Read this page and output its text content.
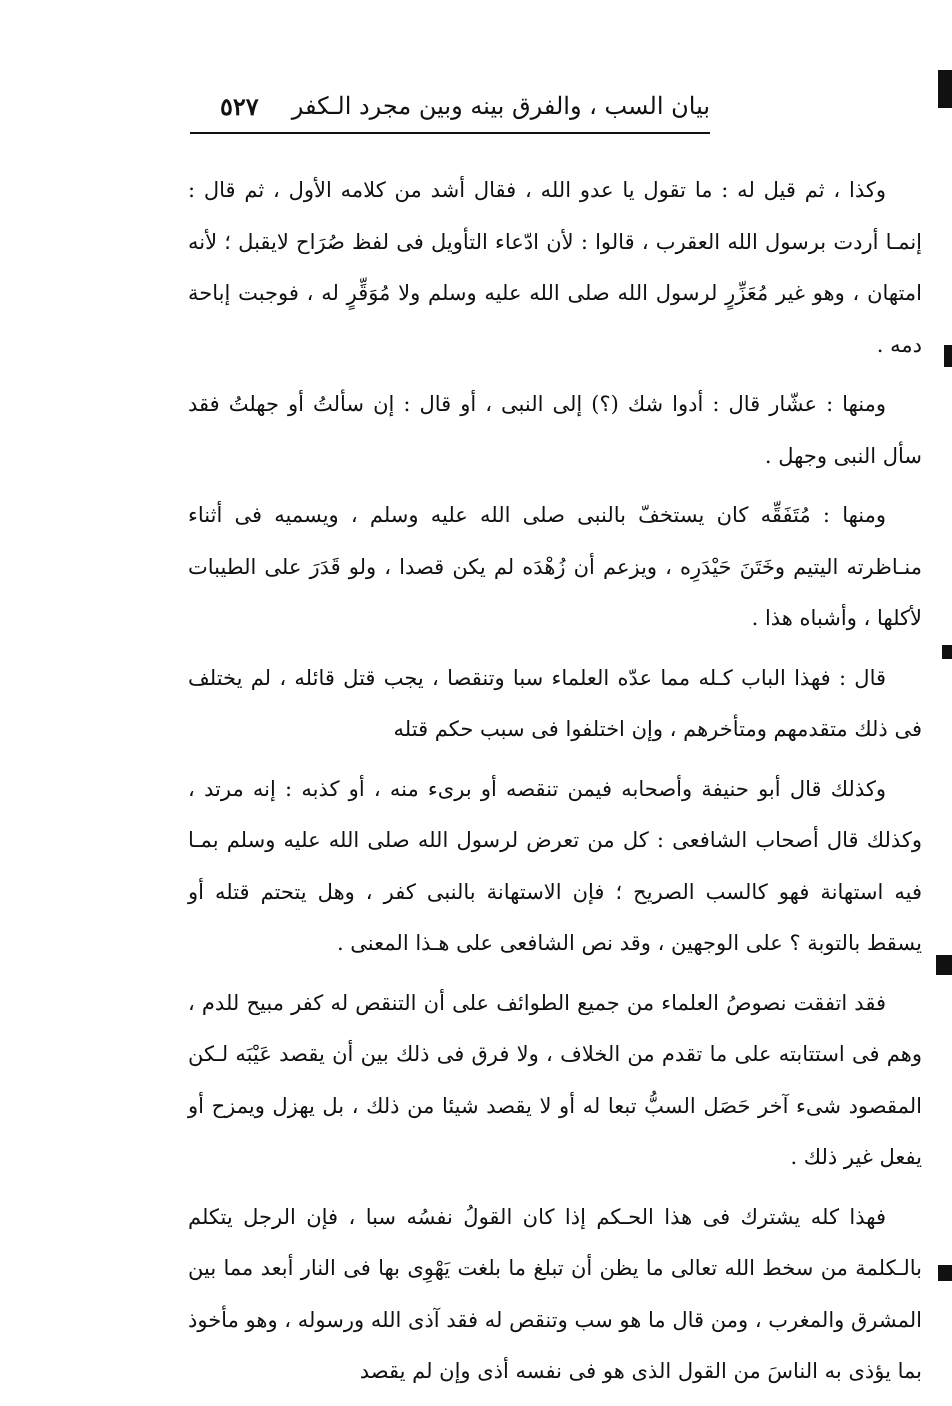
بيان السب ، والفرق بينه وبين مجرد الـكفر
٥٢٧

وكذا ، ثم قيل له : ما تقول يا عدو الله ، فقال أشد من كلامه الأول ، ثم قال : إنمـا أردت برسول الله العقرب ، قالوا : لأن ادّعاء التأويل فى لفظ صُرَاح لايقبل ؛ لأنه امتهان ، وهو غير مُعَزِّرٍ لرسول الله صلى الله عليه وسلم ولا مُوَقِّرٍ له ، فوجبت إباحة دمه .

ومنها : عشّار قال : أدوا شك (؟) إلى النبى ، أو قال : إن سألتُ أو جهلتُ فقد سأل النبى وجهل .

ومنها : مُتَفَقِّه كان يستخفّ بالنبى صلى الله عليه وسلم ، ويسميه فى أثناء منـاظرته اليتيم وخَتَنَ حَيْدَرِه ، ويزعم أن زُهْدَه لم يكن قصدا ، ولو قَدَرَ على الطيبات لأكلها ، وأشباه هذا .

قال : فهذا الباب كـله مما عدّه العلماء سبا وتنقصا ، يجب قتل قائله ، لم يختلف فى ذلك متقدمهم ومتأخرهم ، وإن اختلفوا فى سبب حكم قتله

وكذلك قال أبو حنيفة وأصحابه فيمن تنقصه أو برىء منه ، أو كذبه : إنه مرتد ، وكذلك قال أصحاب الشافعى : كل من تعرض لرسول الله صلى الله عليه وسلم بمـا فيه استهانة فهو كالسب الصريح ؛ فإن الاستهانة بالنبى كفر ، وهل يتحتم قتله أو يسقط بالتوبة ؟ على الوجهين ، وقد نص الشافعى على هـذا المعنى .

فقد اتفقت نصوصُ العلماء من جميع الطوائف على أن التنقص له كفر مبيح للدم ، وهم فى استتابته على ما تقدم من الخلاف ، ولا فرق فى ذلك بين أن يقصد عَيْبَه لـكن المقصود شىء آخر حَصَل السبُّ تبعا له أو لا يقصد شيئا من ذلك ، بل يهزل ويمزح أو يفعل غير ذلك .

فهذا كله يشترك فى هذا الحـكم إذا كان القولُ نفسُه سبا ، فإن الرجل يتكلم بالـكلمة من سخط الله تعالى ما يظن أن تبلغ ما بلغت يَهْوِى بها فى النار أبعد مما بين المشرق والمغرب ، ومن قال ما هو سب وتنقص له فقد آذى الله ورسوله ، وهو مأخوذ بما يؤذى به الناسَ من القول الذى هو فى نفسه أذى وإن لم يقصد
